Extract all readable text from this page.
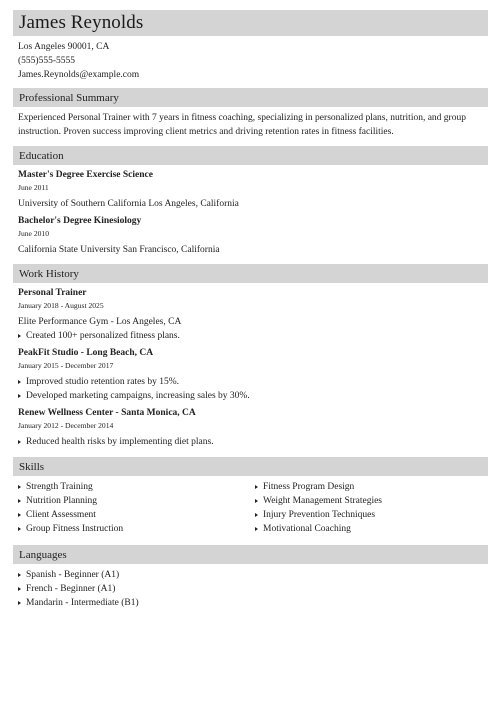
James Reynolds
Los Angeles 90001, CA
(555)555-5555
James.Reynolds@example.com
Professional Summary
Experienced Personal Trainer with 7 years in fitness coaching, specializing in personalized plans, nutrition, and group instruction. Proven success improving client metrics and driving retention rates in fitness facilities.
Education
Master's Degree Exercise Science
June 2011
University of Southern California Los Angeles, California
Bachelor's Degree Kinesiology
June 2010
California State University San Francisco, California
Work History
Personal Trainer
January 2018 - August 2025
Elite Performance Gym - Los Angeles, CA
Created 100+ personalized fitness plans.
PeakFit Studio - Long Beach, CA
January 2015 - December 2017
Improved studio retention rates by 15%.
Developed marketing campaigns, increasing sales by 30%.
Renew Wellness Center - Santa Monica, CA
January 2012 - December 2014
Reduced health risks by implementing diet plans.
Skills
Strength Training
Nutrition Planning
Client Assessment
Group Fitness Instruction
Fitness Program Design
Weight Management Strategies
Injury Prevention Techniques
Motivational Coaching
Languages
Spanish - Beginner (A1)
French - Beginner (A1)
Mandarin - Intermediate (B1)
